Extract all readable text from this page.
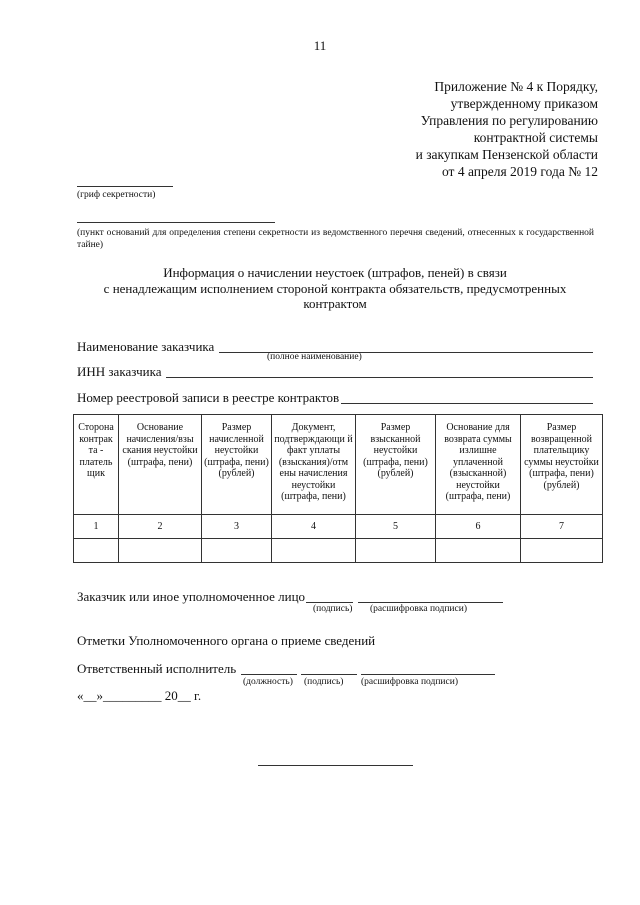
11
Приложение № 4 к Порядку,
утвержденному приказом
Управления по регулированию
контрактной системы
и закупкам Пензенской области
от 4 апреля 2019 года № 12
(гриф секретности)
(пункт оснований для определения степени секретности из ведомственного перечня сведений, отнесенных к государственной тайне)
Информация о начислении неустоек (штрафов, пеней) в связи
с ненадлежащим исполнением стороной контракта обязательств, предусмотренных
контрактом
Наименование заказчика
(полное наименование)
ИНН заказчика
Номер реестровой записи в реестре контрактов
Сторона контрак та - платель щик	Основание начисления/взы скания неустойки (штрафа, пени)	Размер начисленной неустойки (штрафа, пени) (рублей)	Документ, подтверждающи й факт уплаты (взыскания)/отм ены начисления неустойки (штрафа, пени)	Размер взысканной неустойки (штрафа, пени) (рублей)	Основание для возврата суммы излишне уплаченной (взысканной) неустойки (штрафа, пени)	Размер возвращенной плательщику суммы неустойки (штрафа, пени) (рублей)
1	2	3	4	5	6	7

Заказчик или иное уполномоченное лицо
(подпись) (расшифровка подписи)
Отметки Уполномоченного органа о приеме сведений
Ответственный исполнитель
(должность) (подпись) (расшифровка подписи)
«__»_________ 20__ г.
